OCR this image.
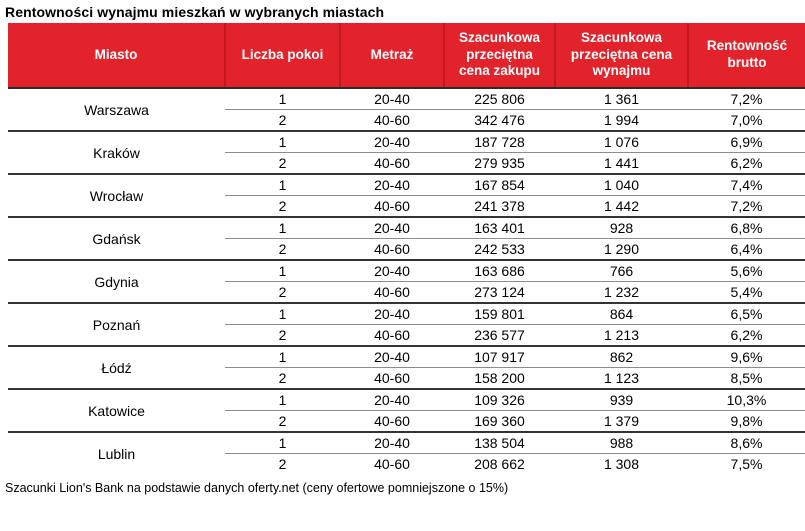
Rentowności wynajmu mieszkań w wybranych miastach
Miasto	Liczba pokoi	Metraż	Szacunkowa przeciętna cena zakupu	Szacunkowa przeciętna cena wynajmu	Rentowność brutto
Warszawa	1	20-40	225 806	1 361	7,2%
	2	40-60	342 476	1 994	7,0%
Kraków	1	20-40	187 728	1 076	6,9%
	2	40-60	279 935	1 441	6,2%
Wrocław	1	20-40	167 854	1 040	7,4%
	2	40-60	241 378	1 442	7,2%
Gdańsk	1	20-40	163 401	928	6,8%
	2	40-60	242 533	1 290	6,4%
Gdynia	1	20-40	163 686	766	5,6%
	2	40-60	273 124	1 232	5,4%
Poznań	1	20-40	159 801	864	6,5%
	2	40-60	236 577	1 213	6,2%
Łódź	1	20-40	107 917	862	9,6%
	2	40-60	158 200	1 123	8,5%
Katowice	1	20-40	109 326	939	10,3%
	2	40-60	169 360	1 379	9,8%
Lublin	1	20-40	138 504	988	8,6%
	2	40-60	208 662	1 308	7,5%
Szacunki Lion's Bank na podstawie danych oferty.net (ceny ofertowe pomniejszone o 15%)
